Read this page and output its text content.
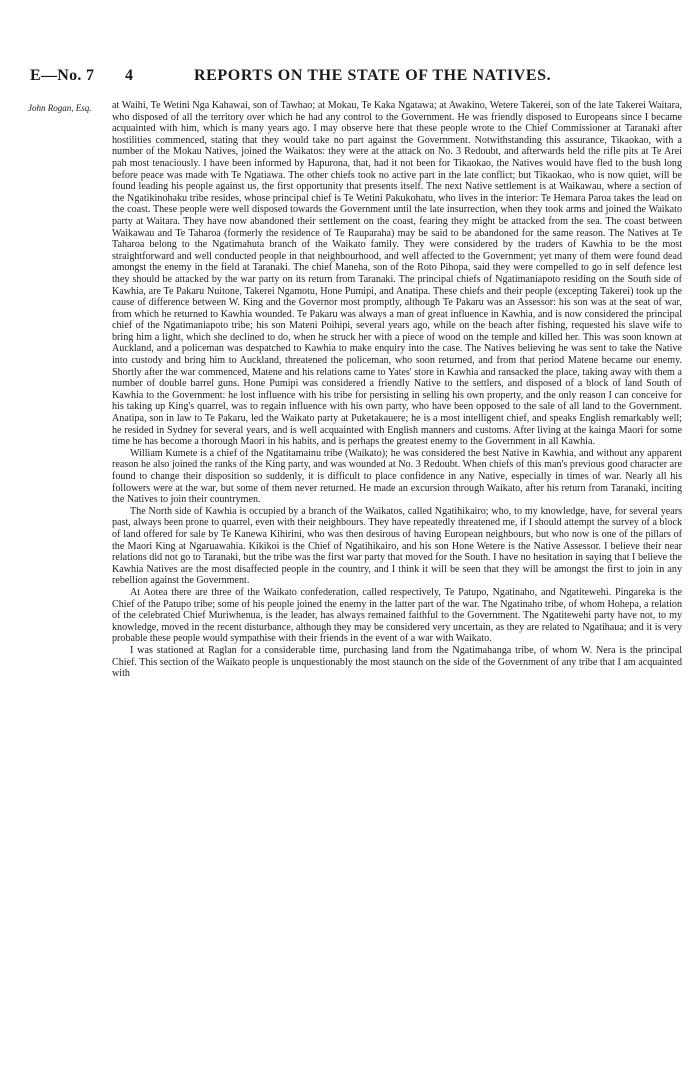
E—No. 7 4	REPORTS ON THE STATE OF THE NATIVES.
John Rogan, Esq.	at Waihi, Te Wetini Nga Kahawai, son of Tawhao; at Mokau, Te Kaka Ngatawa; at Awakino, Wetere Takerei, son of the late Takerei Waitara, who disposed of all the territory over which he had any control to the Government. He was friendly disposed to Europeans since I became acquainted with him, which is many years ago. I may observe here that these people wrote to the Chief Commissioner at Taranaki after hostilities commenced, stating that they would take no part against the Government. Notwithstanding this assurance, Tikaokao, with a number of the Mokau Natives, joined the Waikatos: they were at the attack on No. 3 Redoubt, and afterwards held the rifle pits at Te Arei pah most tenaciously. I have been informed by Hapurona, that, had it not been for Tikaokao, the Natives would have fled to the bush long before peace was made with Te Ngatiawa. The other chiefs took no active part in the late conflict; but Tikaokao, who is now quiet, will be found leading his people against us, the first opportunity that presents itself. The next Native settlement is at Waikawau, where a section of the Ngatikinohaku tribe resides, whose principal chief is Te Wetini Pakukohatu, who lives in the interior: Te Hemara Paroa takes the lead on the coast. These people were well disposed towards the Government until the late insurrection, when they took arms and joined the Waikato party at Waitara. They have now abandoned their settlement on the coast, fearing they might be attacked from the sea. The coast between Waikawau and Te Taharoa (formerly the residence of Te Rauparaha) may be said to be abandoned for the same reason. The Natives at Te Taharoa belong to the Ngatimahuta branch of the Waikato family. They were considered by the traders of Kawhia to be the most straightforward and well conducted people in that neighbourhood, and well affected to the Government; yet many of them were found dead amongst the enemy in the field at Taranaki. The chief Maneha, son of the Roto Pihopa, said they were compelled to go in self defence lest they should be attacked by the war party on its return from Taranaki. The principal chiefs of Ngatimaniapoto residing on the South side of Kawhia, are Te Pakaru Nuitone, Takerei Ngamotu, Hone Pumipi, and Anatipa. These chiefs and their people (excepting Takerei) took up the cause of difference between W. King and the Governor most promptly, although Te Pakaru was an Assessor: his son was at the seat of war, from which he returned to Kawhia wounded. Te Pakaru was always a man of great influence in Kawhia, and is now considered the principal chief of the Ngatimaniapoto tribe; his son Mateni Poihipi, several years ago, while on the beach after fishing, requested his slave wife to bring him a light, which she declined to do, when he struck her with a piece of wood on the temple and killed her. This was soon known at Auckland, and a policeman was despatched to Kawhia to make enquiry into the case. The Natives believing he was sent to take the Native into custody and bring him to Auckland, threatened the policeman, who soon returned, and from that period Matene became our enemy. Shortly after the war commenced, Matene and his relations came to Yates' store in Kawhia and ransacked the place, taking away with them a number of double barrel guns. Hone Pumipi was considered a friendly Native to the settlers, and disposed of a block of land South of Kawhia to the Government: he lost influence with his tribe for persisting in selling his own property, and the only reason I can conceive for his taking up King's quarrel, was to regain influence with his own party, who have been opposed to the sale of all land to the Government. Anatipa, son in law to Te Pakaru, led the Waikato party at Puketakauere; he is a most intelligent chief, and speaks English remarkably well; he resided in Sydney for several years, and is well acquainted with English manners and customs. After living at the kainga Maori for some time he has become a thorough Maori in his habits, and is perhaps the greatest enemy to the Government in all Kawhia.

William Kumete is a chief of the Ngatitamainu tribe (Waikato); he was considered the best Native in Kawhia, and without any apparent reason he also joined the ranks of the King party, and was wounded at No. 3 Redoubt. When chiefs of this man's previous good character are found to change their disposition so suddenly, it is difficult to place confidence in any Native, especially in times of war. Nearly all his followers were at the war, but some of them never returned. He made an excursion through Waikato, after his return from Taranaki, inciting the Natives to join their countrymen.

The North side of Kawhia is occupied by a branch of the Waikatos, called Ngatihikairo; who, to my knowledge, have, for several years past, always been prone to quarrel, even with their neighbours. They have repeatedly threatened me, if I should attempt the survey of a block of land offered for sale by Te Kanewa Kihirini, who was then desirous of having European neighbours, but who now is one of the pillars of the Maori King at Ngaruawahia. Kikikoi is the Chief of Ngatihikairo, and his son Hone Wetere is the Native Assessor. I believe their near relations did not go to Taranaki, but the tribe was the first war party that moved for the South. I have no hesitation in saying that I believe the Kawhia Natives are the most disaffected people in the country, and I think it will be seen that they will be amongst the first to join in any rebellion against the Government.

At Aotea there are three of the Waikato confederation, called respectively, Te Patupo, Ngatinaho, and Ngatitewehi. Pingareka is the Chief of the Patupo tribe; some of his people joined the enemy in the latter part of the war. The Ngatinaho tribe, of whom Hohepa, a relation of the celebrated Chief Muriwhenua, is the leader, has always remained faithful to the Government. The Ngatitewehi party have not, to my knowledge, moved in the recent disturbance, although they may be considered very uncertain, as they are related to Ngatihaua; and it is very probable these people would sympathise with their friends in the event of a war with Waikato.

I was stationed at Raglan for a considerable time, purchasing land from the Ngatimahanga tribe, of whom W. Nera is the principal Chief. This section of the Waikato people is unquestionably the most staunch on the side of the Government of any tribe that I am acquainted with
